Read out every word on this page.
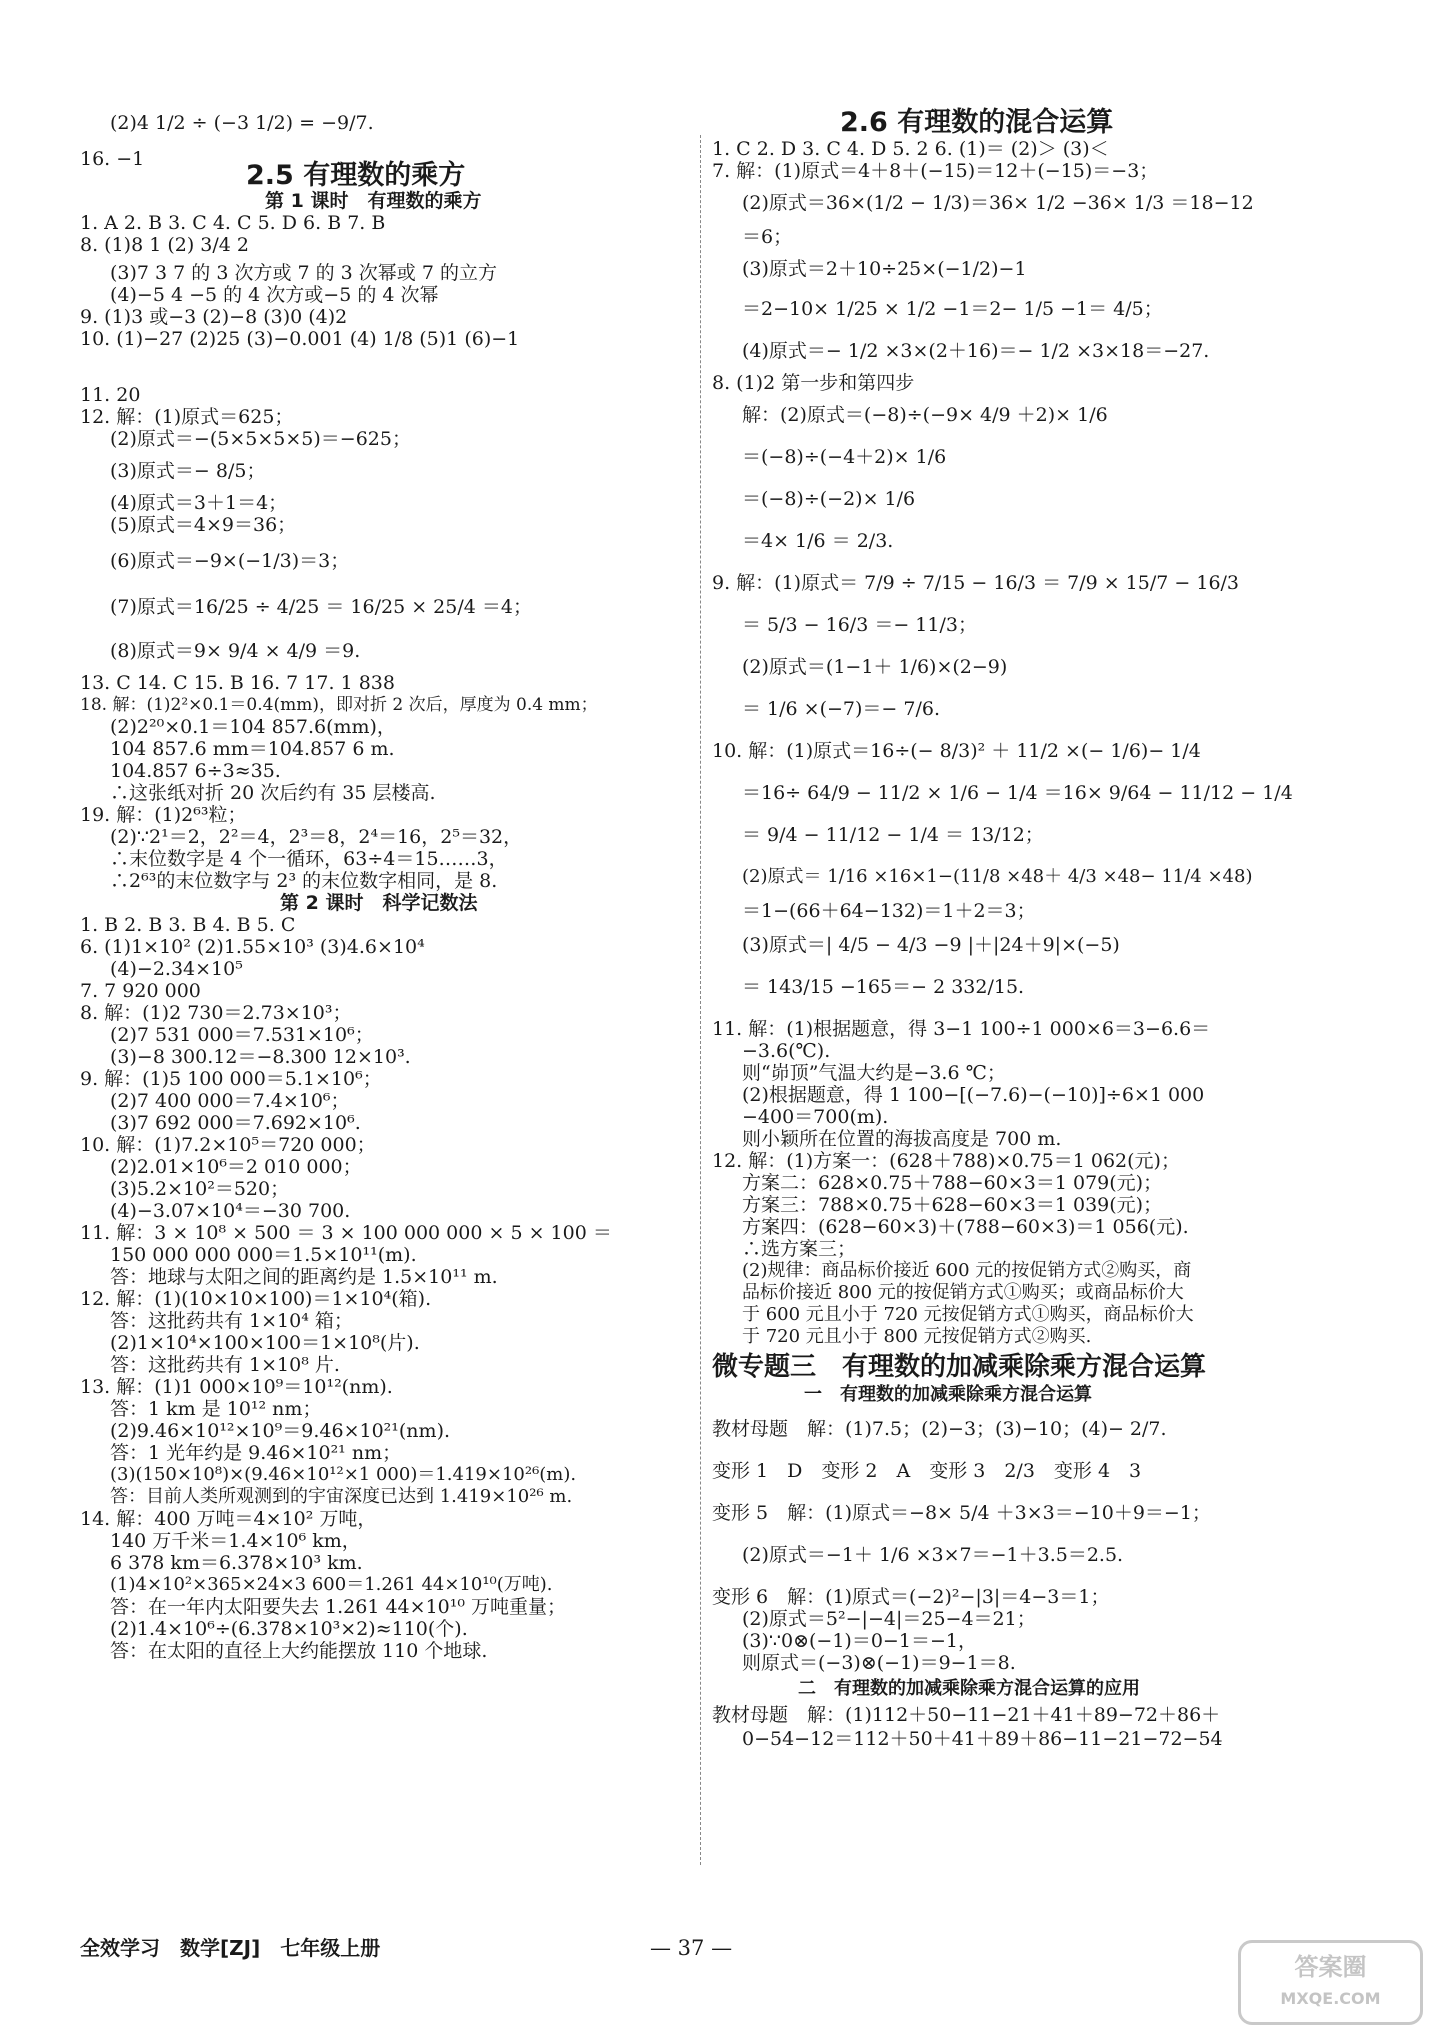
(2)4 1/2 ÷ (−3 1/2) = −9/7.
16. −1
2.5 有理数的乘方
第 1 课时　有理数的乘方
1. A 2. B 3. C 4. C 5. D 6. B 7. B
8. (1)8 1 (2) 3/4 2
(3)7 3 7 的 3 次方或 7 的 3 次幂或 7 的立方
(4)−5 4 −5 的 4 次方或−5 的 4 次幂
9. (1)3 或−3 (2)−8 (3)0 (4)2
10. (1)−27 (2)25 (3)−0.001 (4) 1/8 (5)1 (6)−1
11. 20
12. 解：(1)原式＝625；
(2)原式＝−(5×5×5×5)＝−625；
(3)原式＝− 8/5；
(4)原式＝3＋1＝4；
(5)原式＝4×9＝36；
(6)原式＝−9×(−1/3)＝3；
(7)原式＝16/25 ÷ 4/25 ＝ 16/25 × 25/4 ＝4；
(8)原式＝9× 9/4 × 4/9 ＝9.
13. C 14. C 15. B 16. 7 17. 1 838
18. 解：(1)2²×0.1＝0.4(mm)，即对折 2 次后，厚度为 0.4 mm；
(2)2²⁰×0.1＝104 857.6(mm)，
104 857.6 mm＝104.857 6 m.
104.857 6÷3≈35.
∴这张纸对折 20 次后约有 35 层楼高.
19. 解：(1)2⁶³粒；
(2)∵2¹＝2，2²＝4，2³＝8，2⁴＝16，2⁵＝32，
∴末位数字是 4 个一循环，63÷4＝15……3，
∴2⁶³的末位数字与 2³ 的末位数字相同，是 8.
第 2 课时　科学记数法
1. B 2. B 3. B 4. B 5. C
6. (1)1×10² (2)1.55×10³ (3)4.6×10⁴
(4)−2.34×10⁵
7. 7 920 000
8. 解：(1)2 730＝2.73×10³；
(2)7 531 000＝7.531×10⁶；
(3)−8 300.12＝−8.300 12×10³.
9. 解：(1)5 100 000＝5.1×10⁶；
(2)7 400 000＝7.4×10⁶；
(3)7 692 000＝7.692×10⁶.
10. 解：(1)7.2×10⁵＝720 000；
(2)2.01×10⁶＝2 010 000；
(3)5.2×10²＝520；
(4)−3.07×10⁴＝−30 700.
11. 解：3 × 10⁸ × 500 ＝ 3 × 100 000 000 × 5 × 100 ＝
150 000 000 000＝1.5×10¹¹(m).
答：地球与太阳之间的距离约是 1.5×10¹¹ m.
12. 解：(1)(10×10×100)＝1×10⁴(箱).
答：这批药共有 1×10⁴ 箱；
(2)1×10⁴×100×100＝1×10⁸(片).
答：这批药共有 1×10⁸ 片.
13. 解：(1)1 000×10⁹＝10¹²(nm).
答：1 km 是 10¹² nm；
(2)9.46×10¹²×10⁹＝9.46×10²¹(nm).
答：1 光年约是 9.46×10²¹ nm；
(3)(150×10⁸)×(9.46×10¹²×1 000)＝1.419×10²⁶(m).
答：目前人类所观测到的宇宙深度已达到 1.419×10²⁶ m.
14. 解：400 万吨＝4×10² 万吨，
140 万千米＝1.4×10⁶ km，
6 378 km＝6.378×10³ km.
(1)4×10²×365×24×3 600＝1.261 44×10¹⁰(万吨).
答：在一年内太阳要失去 1.261 44×10¹⁰ 万吨重量；
(2)1.4×10⁶÷(6.378×10³×2)≈110(个).
答：在太阳的直径上大约能摆放 110 个地球.
2.6 有理数的混合运算
1. C 2. D 3. C 4. D 5. 2 6. (1)＝ (2)＞ (3)＜
7. 解：(1)原式＝4＋8＋(−15)＝12＋(−15)＝−3；
(2)原式＝36×(1/2 − 1/3)＝36× 1/2 −36× 1/3 ＝18−12
＝6；
(3)原式＝2＋10÷25×(−1/2)−1
＝2−10× 1/25 × 1/2 −1＝2− 1/5 −1＝ 4/5；
(4)原式＝− 1/2 ×3×(2＋16)＝− 1/2 ×3×18＝−27.
8. (1)2 第一步和第四步
解：(2)原式＝(−8)÷(−9× 4/9 ＋2)× 1/6
＝(−8)÷(−4＋2)× 1/6
＝(−8)÷(−2)× 1/6
＝4× 1/6 ＝ 2/3.
9. 解：(1)原式＝ 7/9 ÷ 7/15 − 16/3 ＝ 7/9 × 15/7 − 16/3
＝ 5/3 − 16/3 ＝− 11/3；
(2)原式＝(1−1＋ 1/6)×(2−9)
＝ 1/6 ×(−7)＝− 7/6.
10. 解：(1)原式＝16÷(− 8/3)² ＋ 11/2 ×(− 1/6)− 1/4
＝16÷ 64/9 − 11/2 × 1/6 − 1/4 ＝16× 9/64 − 11/12 − 1/4
＝ 9/4 − 11/12 − 1/4 ＝ 13/12；
(2)原式＝ 1/16 ×16×1−(11/8 ×48＋ 4/3 ×48− 11/4 ×48)
＝1−(66＋64−132)＝1＋2＝3；
(3)原式＝| 4/5 − 4/3 −9 |＋|24＋9|×(−5)
＝ 143/15 −165＝− 2 332/15.
11. 解：(1)根据题意，得 3−1 100÷1 000×6＝3−6.6＝
−3.6(℃).
则“峁顶”气温大约是−3.6 ℃；
(2)根据题意，得 1 100−[(−7.6)−(−10)]÷6×1 000
−400＝700(m).
则小颖所在位置的海拔高度是 700 m.
12. 解：(1)方案一：(628＋788)×0.75＝1 062(元)；
方案二：628×0.75＋788−60×3＝1 079(元)；
方案三：788×0.75＋628−60×3＝1 039(元)；
方案四：(628−60×3)＋(788−60×3)＝1 056(元).
∴选方案三；
(2)规律：商品标价接近 600 元的按促销方式②购买，商
品标价接近 800 元的按促销方式①购买；或商品标价大
于 600 元且小于 720 元按促销方式①购买，商品标价大
于 720 元且小于 800 元按促销方式②购买.
微专题三　有理数的加减乘除乘方混合运算
一　有理数的加减乘除乘方混合运算
教材母题　解：(1)7.5；(2)−3；(3)−10；(4)− 2/7.
变形 1　D　变形 2　A　变形 3　2/3　变形 4　3
变形 5　解：(1)原式＝−8× 5/4 ＋3×3＝−10＋9＝−1；
(2)原式＝−1＋ 1/6 ×3×7＝−1＋3.5＝2.5.
变形 6　解：(1)原式＝(−2)²−|3|＝4−3＝1；
(2)原式＝5²−|−4|＝25−4＝21；
(3)∵0⊗(−1)＝0−1＝−1，
则原式＝(−3)⊗(−1)＝9−1＝8.
二　有理数的加减乘除乘方混合运算的应用
教材母题　解：(1)112＋50−11−21＋41＋89−72＋86＋
0−54−12＝112＋50＋41＋89＋86−11−21−72−54
全效学习　数学[ZJ]　七年级上册	— 37 —
答案圈
MXQE.COM
